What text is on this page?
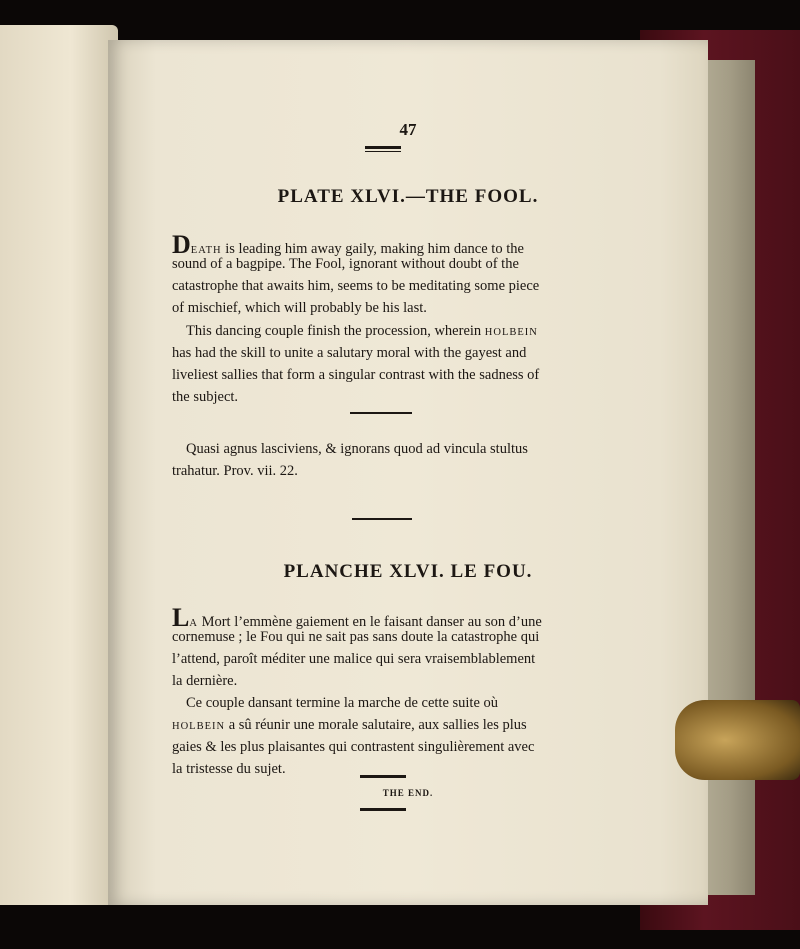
47
PLATE XLVI.—THE FOOL.
DEATH is leading him away gaily, making him dance to the
sound of a bagpipe. The Fool, ignorant without doubt of the
catastrophe that awaits him, seems to be meditating some piece
of mischief, which will probably be his last.
This dancing couple finish the procession, wherein HOLBEIN
has had the skill to unite a salutary moral with the gayest and
liveliest sallies that form a singular contrast with the sadness of
the subject.
Quasi agnus lasciviens, & ignorans quod ad vincula stultus
trahatur. Prov. vii. 22.
PLANCHE XLVI. LE FOU.
LA Mort l’emmène gaiement en le faisant danser au son d’une
cornemuse ; le Fou qui ne sait pas sans doute la catastrophe qui
l’attend, paroît méditer une malice qui sera vraisemblablement
la dernière.
Ce couple dansant termine la marche de cette suite où
HOLBEIN a sû réunir une morale salutaire, aux sallies les plus
gaies & les plus plaisantes qui contrastent singulièrement avec
la tristesse du sujet.
THE END.
